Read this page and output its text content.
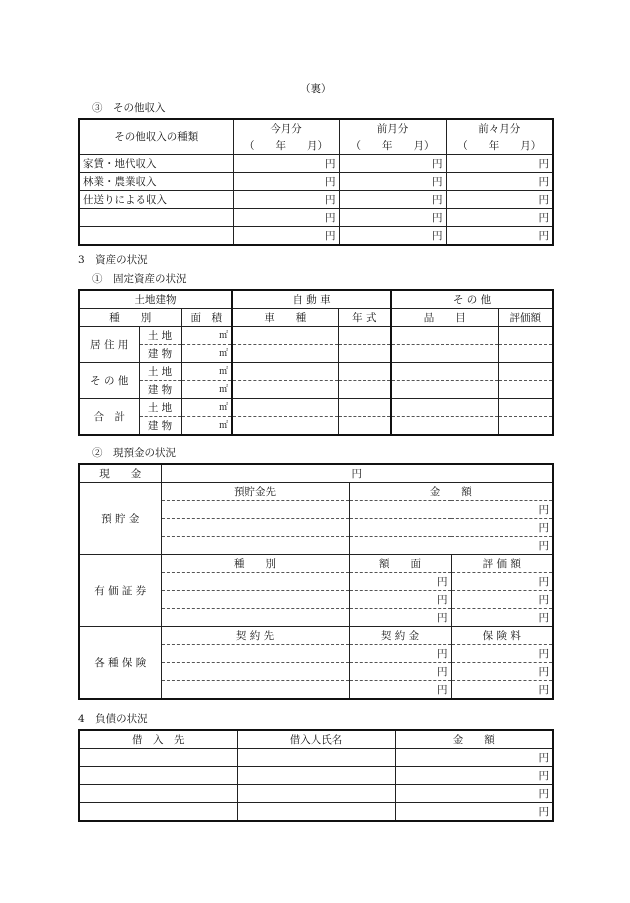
（裏）
③　その他収入
その他収入の種類	今月分	前月分	前々月分
	（　　年　　月）	（　　年　　月）	（　　年　　月）
家賃・地代収入	円	円	円
林業・農業収入	円	円	円
仕送りによる収入	円	円	円
	円	円	円
	円	円	円
3　資産の状況
①　固定資産の状況
土地建物			自 動 車		そ の 他	
種　　別		面　積	車　　種	年 式	品　　目	評価額
居 住 用	土 地	㎡				
	建 物	㎡				
そ の 他	土 地	㎡				
	建 物	㎡				
合　計	土 地	㎡				
	建 物	㎡				
②　現預金の状況
現　　金	円		
預 貯 金	預貯金先	金　　額	
		円	
		円	
		円	
有 価 証 券	種　　別	額　　面	評 価 額
		円	円
		円	円
		円	円
各 種 保 険	契 約 先	契 約 金	保 険 料
		円	円
		円	円
		円	円
4　負債の状況
借　入　先	借入人氏名	金　　額
		円
		円
		円
		円
